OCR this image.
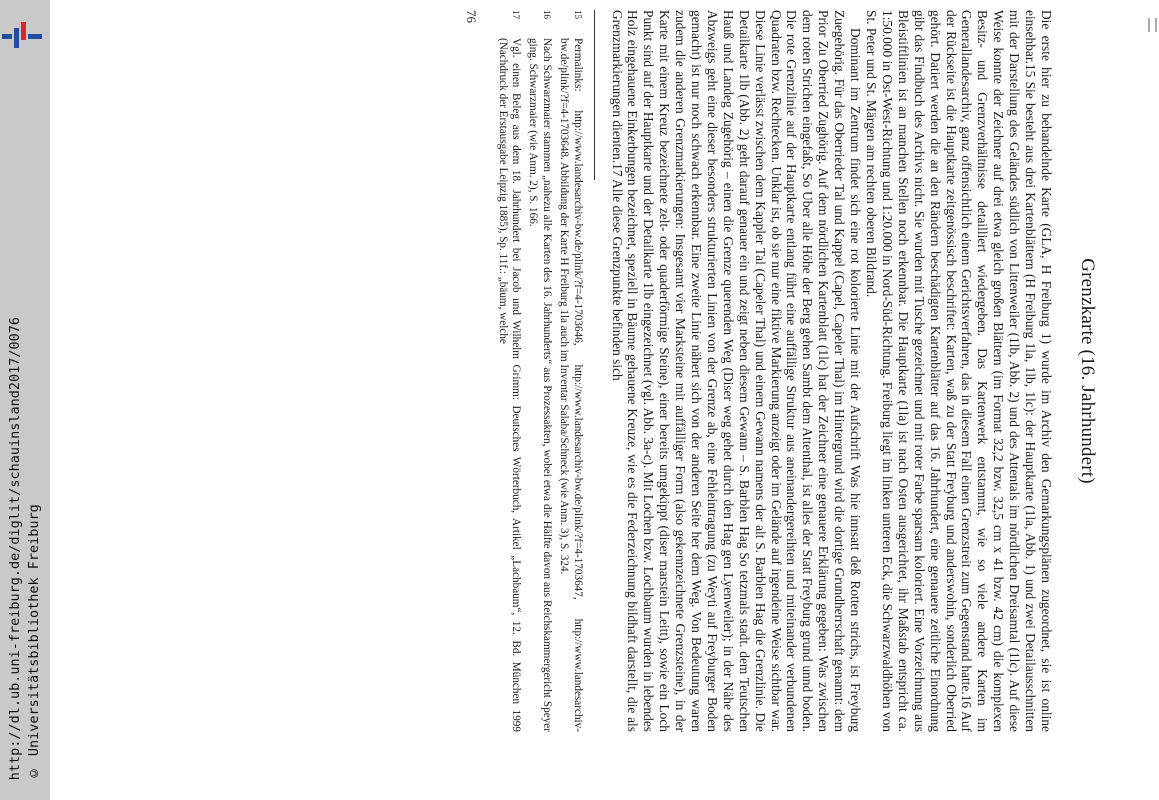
http://dl.ub.uni-freiburg.de/diglit/schauinsland2017/0076 © Universitätsbibliothek Freiburg
Grenzkarte (16. Jahrhundert)

Die erste hier zu behandelnde Karte (GLA, H Freiburg 1) wurde im Archiv den Gemarkungsplänen zugeordnet, sie ist online einsehbar.15 Sie besteht aus drei Kartenblättern (H Freiburg 1la, 1lb, 1lc): der Hauptkarte (1la, Abb. 1) und zwei Detailausschnitten mit der Darstellung des Geländes südlich von Littenweiler (1lb, Abb. 2) und des Attentals im nördlichen Dreisamtal (1lc). Auf diese Weise konnte der Zeichner auf drei etwa gleich großen Blättern (im Format 32,2 bzw. 32,5 cm x 41 bzw. 42 cm) die komplexen Besitz- und Grenzverhältnisse detailliert wiedergeben. Das Kartenwerk entstammt, wie so viele andere Karten im Generallandesarchiv, ganz offensichtlich einem Gerichtsverfahren, das in diesem Fall einen Grenzstreit zum Gegenstand hatte.16 Auf der Rückseite ist die Hauptkarte zeitgenössisch beschriftet: Karten, waß zu der Statt Freyburg und anderswohin, sonderlich Oberried gehört. Datiert werden die an den Rändern beschädigten Kartenblätter auf das 16. Jahrhundert, eine genauere zeitliche Einordnung gibt das Findbuch des Archivs nicht. Sie wurden mit Tusche gezeichnet und mit roter Farbe sparsam koloriert. Eine Vorzeichnung aus Bleistiftlinien ist an manchen Stellen noch erkennbar. Die Hauptkarte (1la) ist nach Osten ausgerichtet, ihr Maßstab entspricht ca. 1:50.000 in Ost-West-Richtung und 1:20.000 in Nord-Süd-Richtung. Freiburg liegt im linken unteren Eck, die Schwarzwaldhöhen von St. Peter und St. Märgen am rechten oberen Bildrand.

Dominant im Zentrum findet sich eine rot kolorierte Linie mit der Aufschrift Was hie innsatt deß Rotten strichs, ist Freyburg Zuegehörig. Für das Oberrieder Tal und Kappel (Capel, Capeler Thal) im Hintergrund wird die dortige Grundherrschaft genannt: dem Prior Zu Oberried Zughörig. Auf dem nördlichen Kartenblatt (1lc) hat der Zeichner eine genauere Erklärung gegeben: Was zwischen dem roten Strichen eingefaßt, So Uber alle Höhe der Berg gehen Sambt dem Attenthal, ist alles der Statt Freyburg grund unnd boden. Die rote Grenzlinie auf der Hauptkarte entlang führt eine auffällige Struktur aus aneinandergereihten und miteinander verbundenen Quadraten bzw. Rechtecken. Unklar ist, ob sie nur eine fiktive Markierung anzeigt oder im Gelände auf irgendeine Weise sichtbar war. Diese Linie verlässt zwischen dem Kappler Tal (Capeler Thal) und einem Gewann namens der alt S. Barblen Hag die Grenzlinie. Die Detailkarte 1lb (Abb. 2) geht darauf genauer ein und zeigt neben diesem Gewann – S. Barblen Hag So tetzmals stadt. dem Teutschen Hauß und Landeg Zugehörig – einen die Grenze querenden Weg (Diser weg gehet durch den Hag gen Lyenweiler); in der Nähe des Abzweigs geht eine dieser besonders strukturierten Linien von der Grenze ab, eine Fehleintragung (zu Weyti auf Freyburger Boden gemacht) ist nur noch schwach erkennbar. Eine zweite Linie nähert sich von der anderen Seite her dem Weg. Von Bedeutung waren zudem die anderen Grenzmarkierungen: Insgesamt vier Marksteine mit auffälliger Form (also gekennzeichnete Grenzsteine), in der Karte mit einem Kreuz bezeichnete zelt- oder quaderförmige Steine), einer bereits umgekippt (diser marstein Leitt), sowie ein Loch Punkt sind auf der Hauptkarte und der Detailkarte 1lb eingezeichnet (vgl. Abb. 3a-c). Mit Lochen bzw. Lochbaum wurden in lebendes Holz eingehauene Einkerbungen bezeichnet, speziell in Bäume gehauene Kreuze, wie es die Federzeichnung bildhaft darstellt, die als Grenzmarkierungen dienten.17 Alle diese Grenzpunkte befinden sich

15
Permalinks: http://www.landesarchiv-bw.de/plink/?f=4-1703646, http://www.landesarchiv-bw.de/plink/?f=4-1703647, http://www.landesarchiv-bw.de/plink/?f=4-1703648. Abbildung der Karte H Freiburg 1la auch im Inventar Salaba/Schneck (wie Anm. 3), S. 324.
16
Nach Schwarzmaier stammen „nahezu alle Karten des 16. Jahrhunderts“ aus Prozessakten, wobei etwa die Hälfte davon aus Reichskammergericht Speyer ging. Schwarzmaier (wie Anm. 2), S. 166.
17
Vgl. einen Beleg aus dem 18. Jahrhundert bei Jacob und Wilhelm Grimm: Deutsches Wörterbuch, Artikel „Lachbaum“, 12. Bd. München 1999 (Nachdruck der Erstausgabe Leipzig 1885), Sp. 11f.: „bäum, welche
76
